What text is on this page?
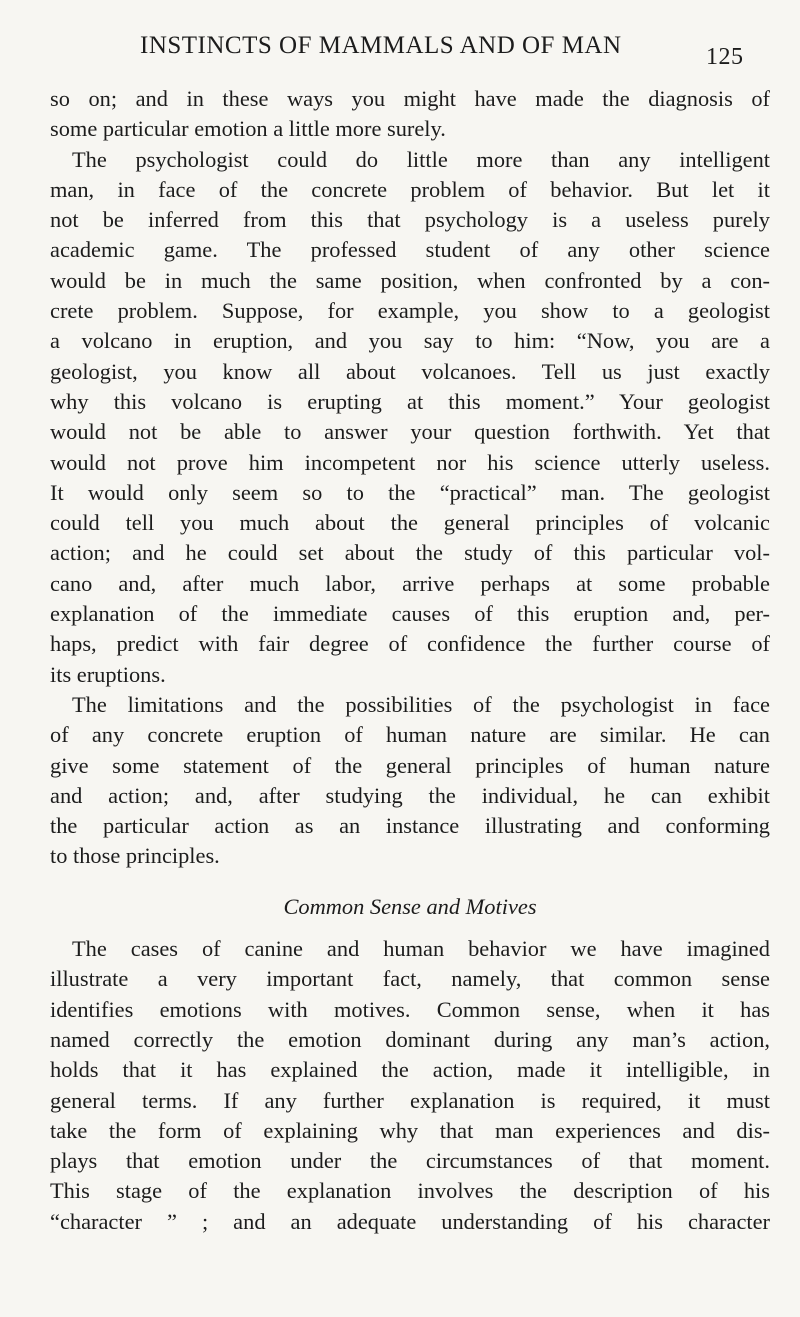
INSTINCTS OF MAMMALS AND OF MAN	125

so on; and in these ways you might have made the diagnosis of
some particular emotion a little more surely.

The psychologist could do little more than any intelligent
man, in face of the concrete problem of behavior. But let it
not be inferred from this that psychology is a useless purely
academic game. The professed student of any other science
would be in much the same position, when confronted by a con-
crete problem. Suppose, for example, you show to a geologist
a volcano in eruption, and you say to him: “Now, you are a
geologist, you know all about volcanoes. Tell us just exactly
why this volcano is erupting at this moment.” Your geologist
would not be able to answer your question forthwith. Yet that
would not prove him incompetent nor his science utterly useless.
It would only seem so to the “practical” man. The geologist
could tell you much about the general principles of volcanic
action; and he could set about the study of this particular vol-
cano and, after much labor, arrive perhaps at some probable
explanation of the immediate causes of this eruption and, per-
haps, predict with fair degree of confidence the further course of
its eruptions.

The limitations and the possibilities of the psychologist in face
of any concrete eruption of human nature are similar. He can
give some statement of the general principles of human nature
and action; and, after studying the individual, he can exhibit
the particular action as an instance illustrating and conforming
to those principles.

Common Sense and Motives

The cases of canine and human behavior we have imagined
illustrate a very important fact, namely, that common sense
identifies emotions with motives. Common sense, when it has
named correctly the emotion dominant during any man’s action,
holds that it has explained the action, made it intelligible, in
general terms. If any further explanation is required, it must
take the form of explaining why that man experiences and dis-
plays that emotion under the circumstances of that moment.
This stage of the explanation involves the description of his
“character ” ; and an adequate understanding of his character
